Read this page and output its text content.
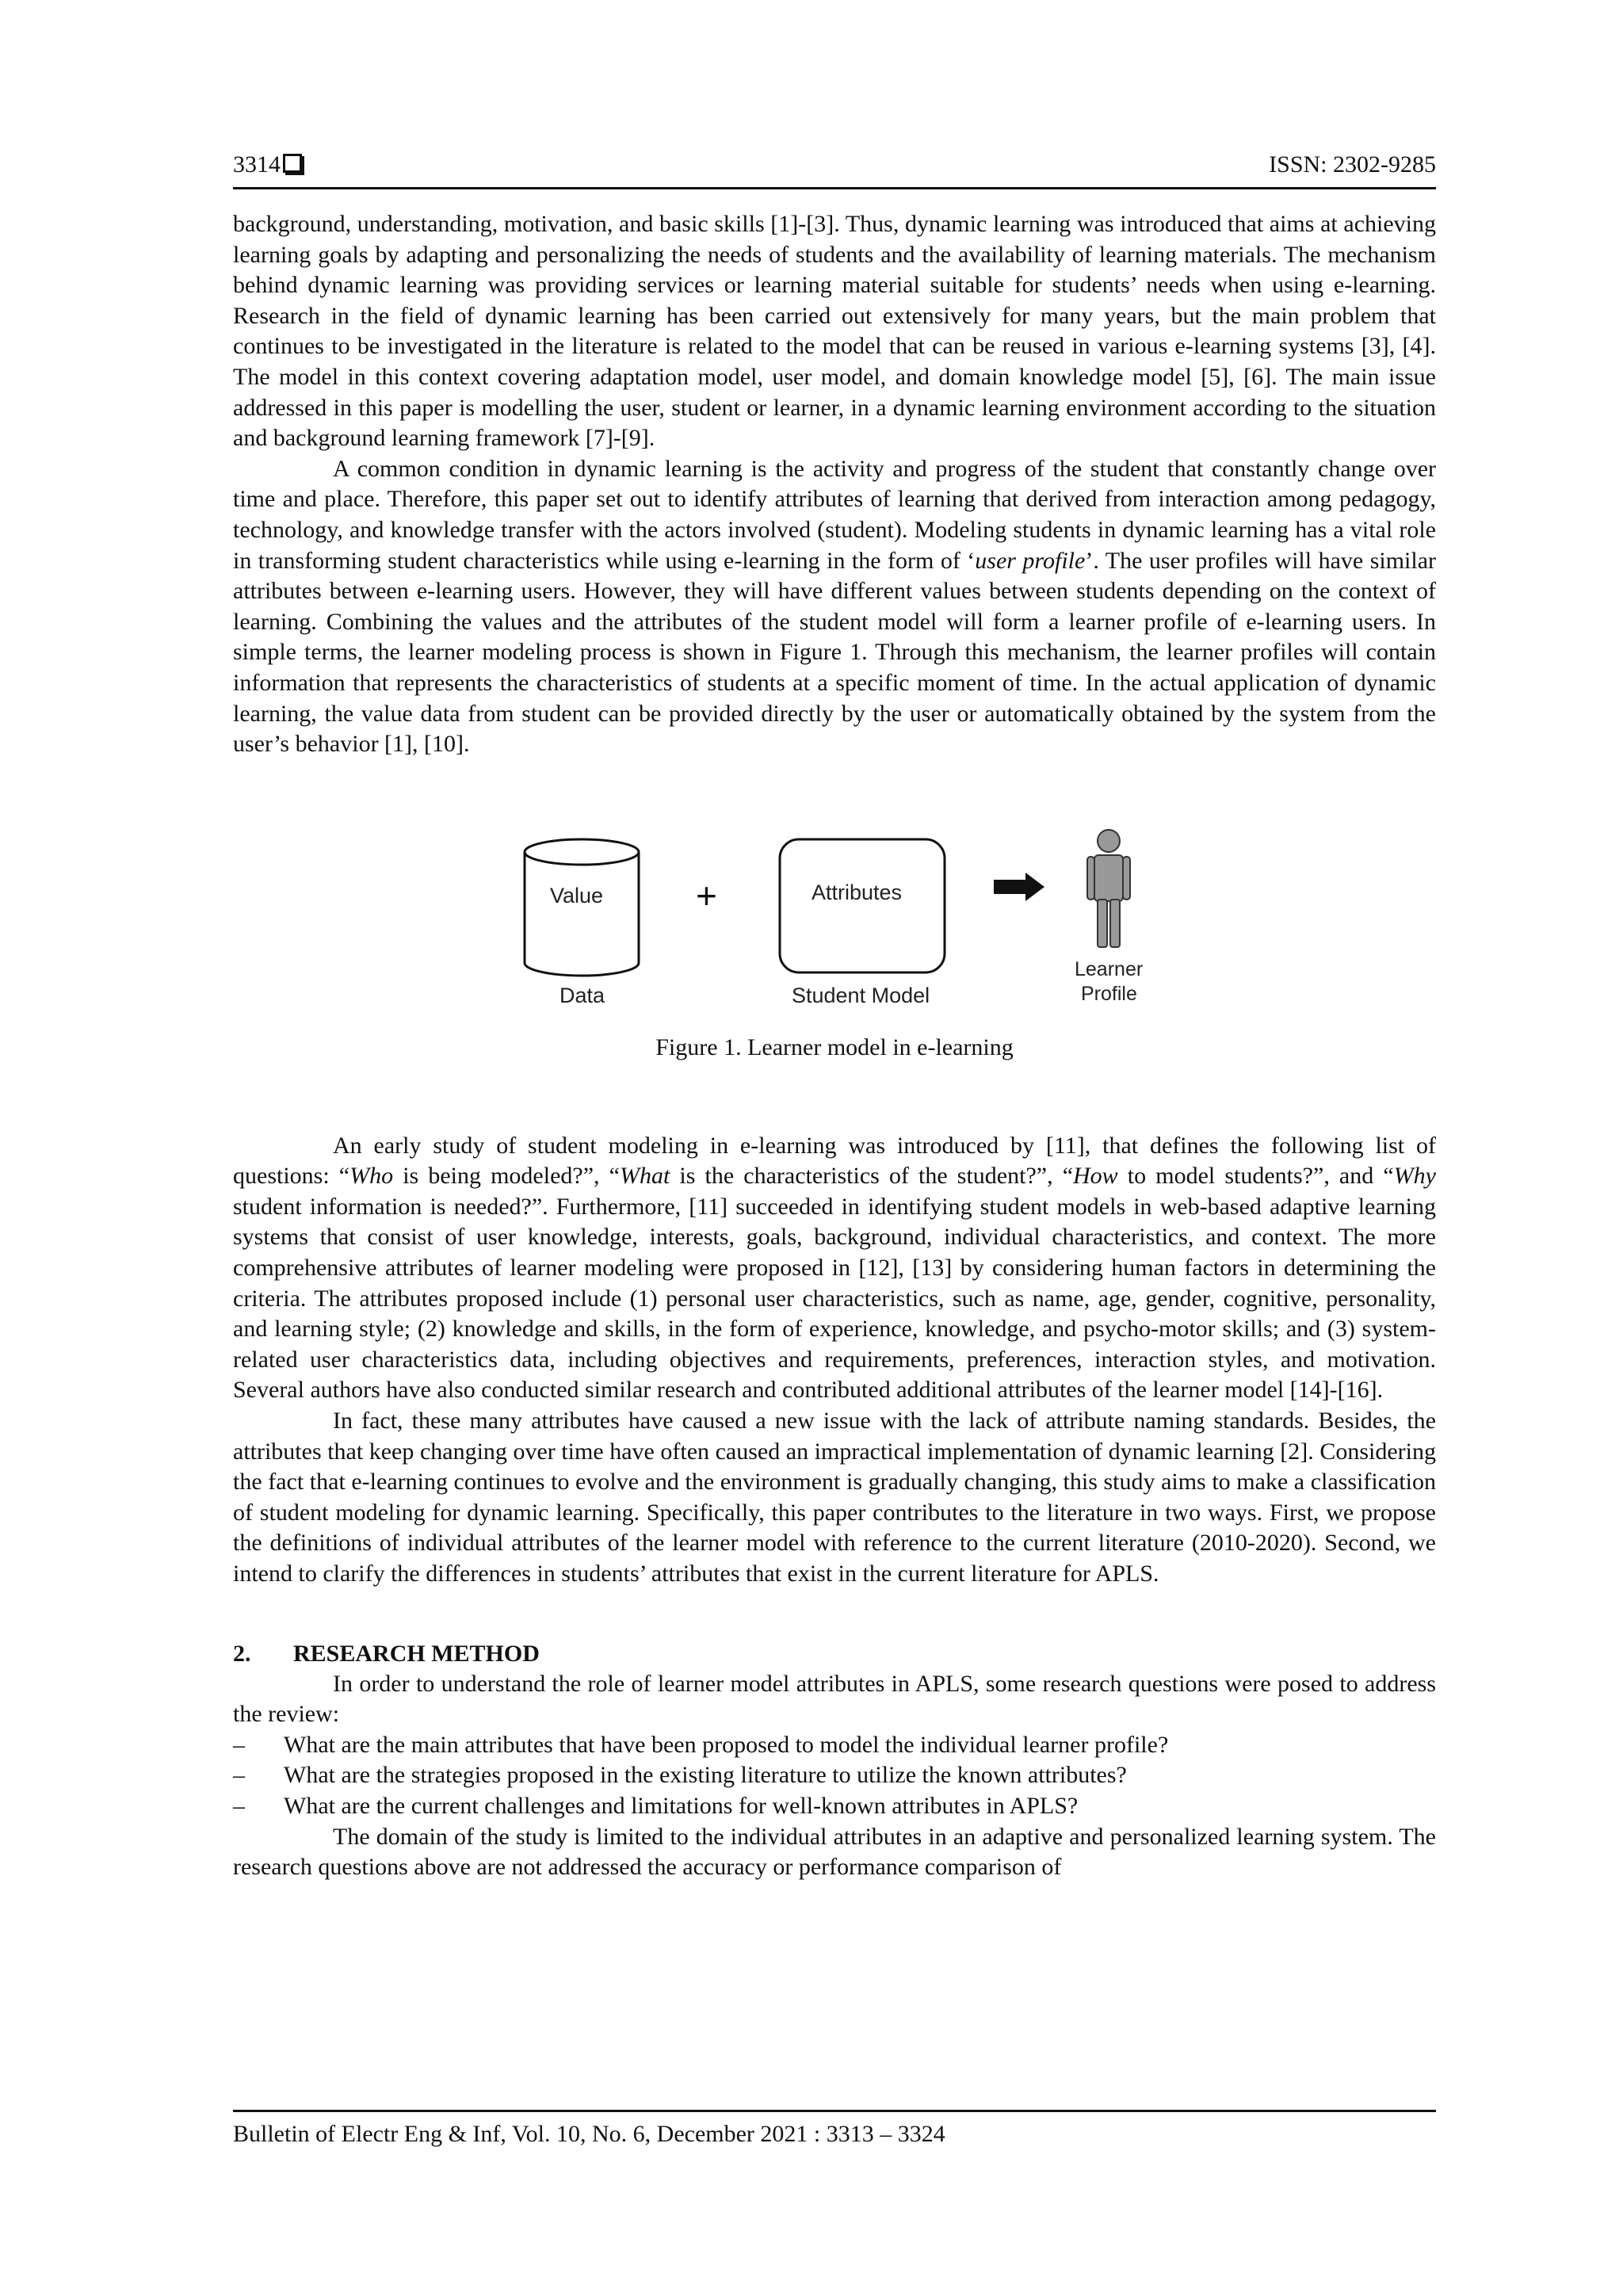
3314	ISSN: 2302-9285

background, understanding, motivation, and basic skills [1]-[3]. Thus, dynamic learning was introduced that aims at achieving learning goals by adapting and personalizing the needs of students and the availability of learning materials. The mechanism behind dynamic learning was providing services or learning material suitable for students’ needs when using e-learning. Research in the field of dynamic learning has been carried out extensively for many years, but the main problem that continues to be investigated in the literature is related to the model that can be reused in various e-learning systems [3], [4]. The model in this context covering adaptation model, user model, and domain knowledge model [5], [6]. The main issue addressed in this paper is modelling the user, student or learner, in a dynamic learning environment according to the situation and background learning framework [7]-[9].

A common condition in dynamic learning is the activity and progress of the student that constantly change over time and place. Therefore, this paper set out to identify attributes of learning that derived from interaction among pedagogy, technology, and knowledge transfer with the actors involved (student). Modeling students in dynamic learning has a vital role in transforming student characteristics while using e-learning in the form of ‘user profile’. The user profiles will have similar attributes between e-learning users. However, they will have different values between students depending on the context of learning. Combining the values and the attributes of the student model will form a learner profile of e-learning users. In simple terms, the learner modeling process is shown in Figure 1. Through this mechanism, the learner profiles will contain information that represents the characteristics of students at a specific moment of time. In the actual application of dynamic learning, the value data from student can be provided directly by the user or automatically obtained by the system from the user’s behavior [1], [10].

Value
Data
+	Attributes
Student Model
Learner
Profile
Figure 1. Learner model in e-learning

An early study of student modeling in e-learning was introduced by [11], that defines the following list of questions: “Who is being modeled?”, “What is the characteristics of the student?”, “How to model students?”, and “Why student information is needed?”. Furthermore, [11] succeeded in identifying student models in web-based adaptive learning systems that consist of user knowledge, interests, goals, background, individual characteristics, and context. The more comprehensive attributes of learner modeling were proposed in [12], [13] by considering human factors in determining the criteria. The attributes proposed include (1) personal user characteristics, such as name, age, gender, cognitive, personality, and learning style; (2) knowledge and skills, in the form of experience, knowledge, and psycho-motor skills; and (3) system-related user characteristics data, including objectives and requirements, preferences, interaction styles, and motivation. Several authors have also conducted similar research and contributed additional attributes of the learner model [14]-[16].

In fact, these many attributes have caused a new issue with the lack of attribute naming standards. Besides, the attributes that keep changing over time have often caused an impractical implementation of dynamic learning [2]. Considering the fact that e-learning continues to evolve and the environment is gradually changing, this study aims to make a classification of student modeling for dynamic learning. Specifically, this paper contributes to the literature in two ways. First, we propose the definitions of individual attributes of the learner model with reference to the current literature (2010-2020). Second, we intend to clarify the differences in students’ attributes that exist in the current literature for APLS.

2. RESEARCH METHOD

In order to understand the role of learner model attributes in APLS, some research questions were posed to address the review:

– What are the main attributes that have been proposed to model the individual learner profile?
– What are the strategies proposed in the existing literature to utilize the known attributes?
– What are the current challenges and limitations for well-known attributes in APLS?

The domain of the study is limited to the individual attributes in an adaptive and personalized learning system. The research questions above are not addressed the accuracy or performance comparison of

Bulletin of Electr Eng & Inf, Vol. 10, No. 6, December 2021 : 3313 – 3324
